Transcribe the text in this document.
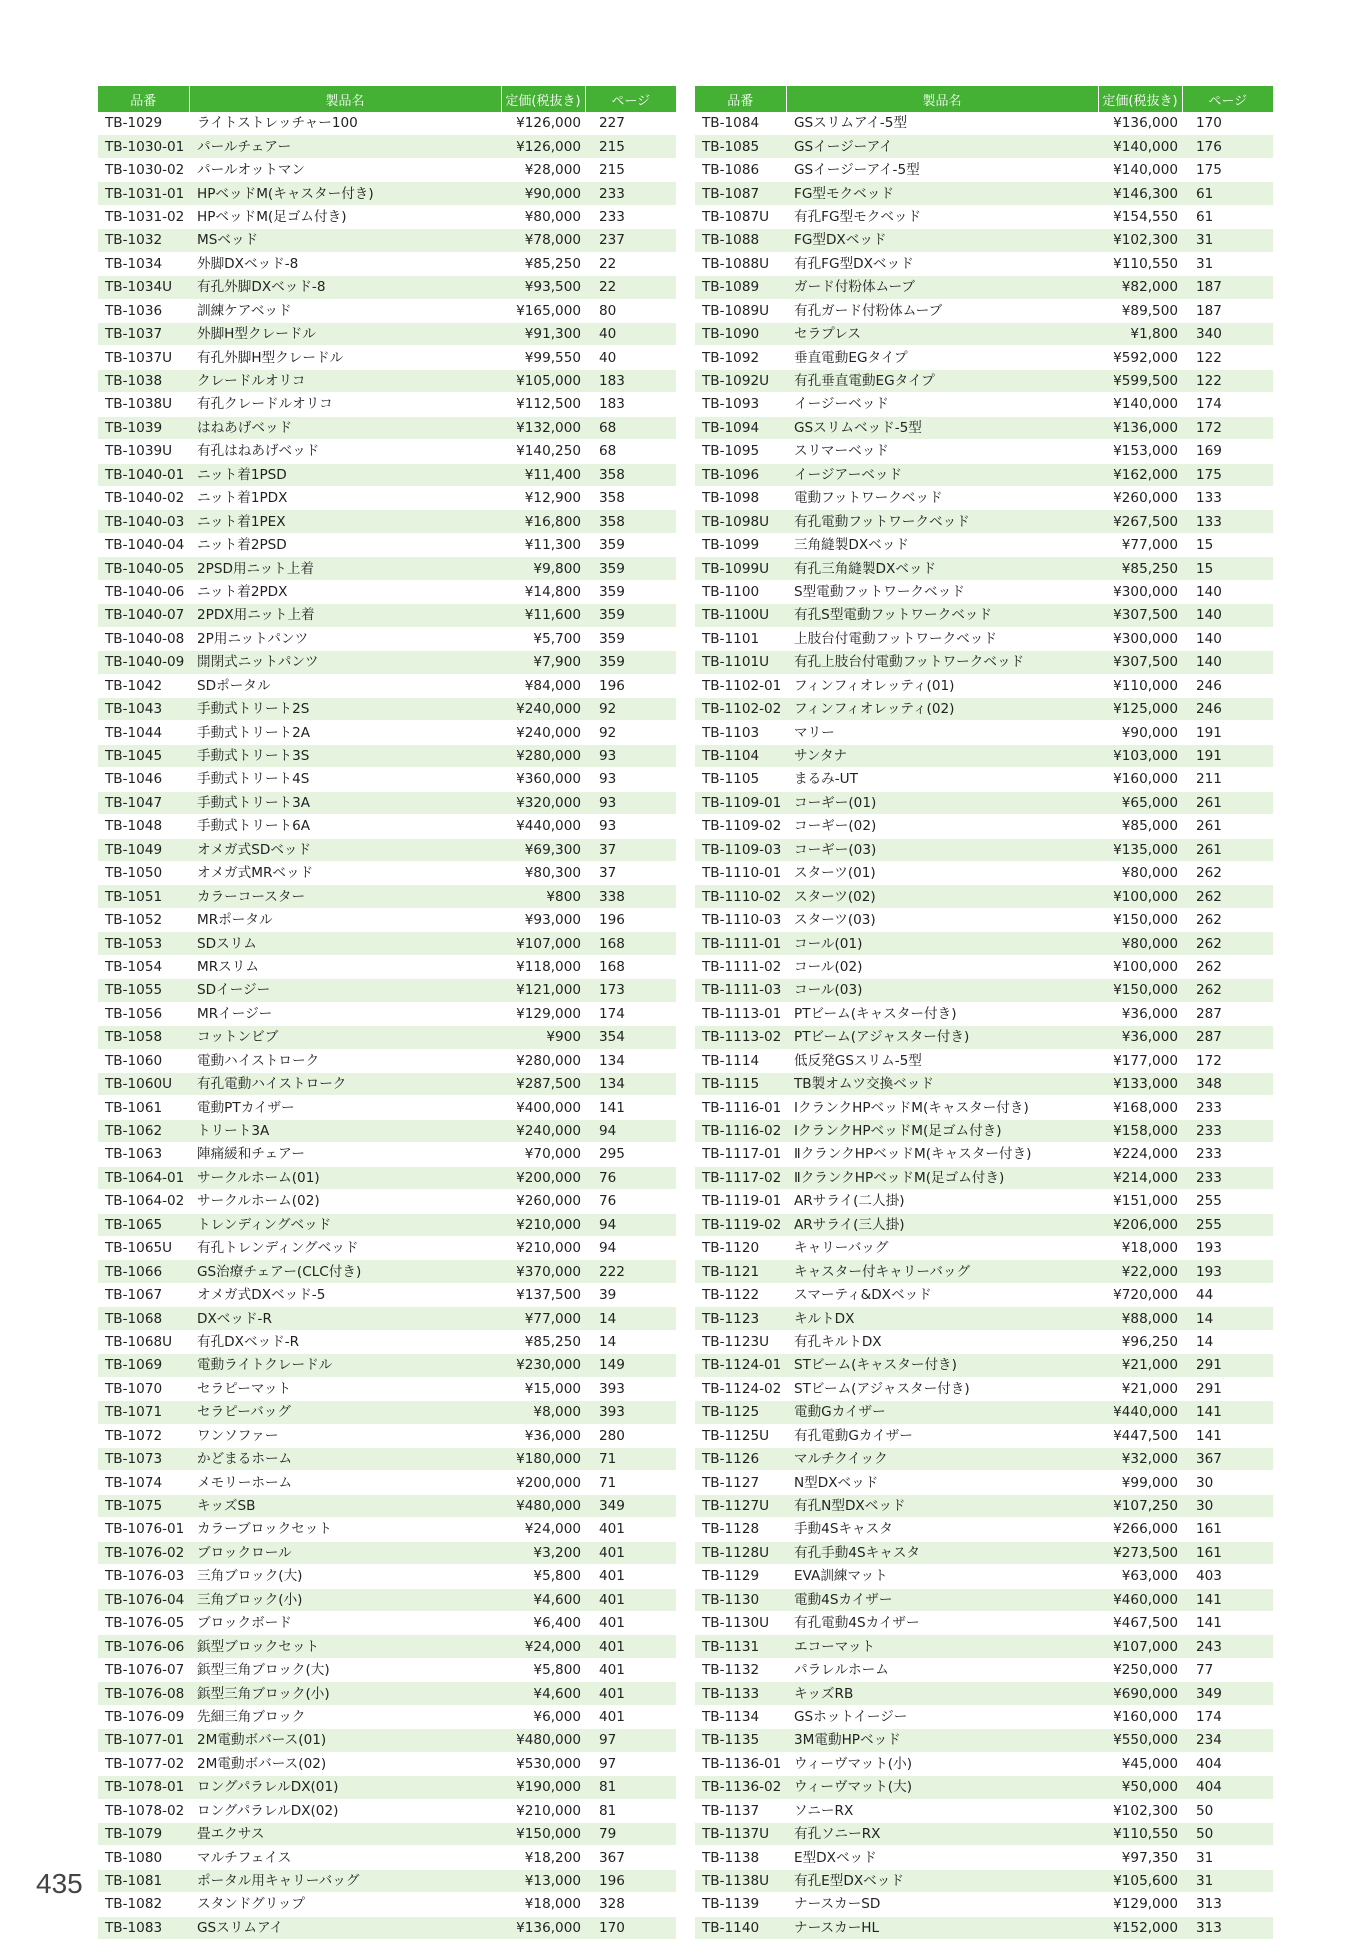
品番	製品名	定価(税抜き)	ページ
TB-1029	ライトストレッチャー100	¥126,000	227
TB-1030-01	パールチェアー	¥126,000	215
TB-1030-02	パールオットマン	¥28,000	215
TB-1031-01	HPベッドM(キャスター付き)	¥90,000	233
TB-1031-02	HPベッドM(足ゴム付き)	¥80,000	233
TB-1032	MSベッド	¥78,000	237
TB-1034	外脚DXベッド-8	¥85,250	22
TB-1034U	有孔外脚DXベッド-8	¥93,500	22
TB-1036	訓練ケアベッド	¥165,000	80
TB-1037	外脚H型クレードル	¥91,300	40
TB-1037U	有孔外脚H型クレードル	¥99,550	40
TB-1038	クレードルオリコ	¥105,000	183
TB-1038U	有孔クレードルオリコ	¥112,500	183
TB-1039	はねあげベッド	¥132,000	68
TB-1039U	有孔はねあげベッド	¥140,250	68
TB-1040-01	ニット着1PSD	¥11,400	358
TB-1040-02	ニット着1PDX	¥12,900	358
TB-1040-03	ニット着1PEX	¥16,800	358
TB-1040-04	ニット着2PSD	¥11,300	359
TB-1040-05	2PSD用ニット上着	¥9,800	359
TB-1040-06	ニット着2PDX	¥14,800	359
TB-1040-07	2PDX用ニット上着	¥11,600	359
TB-1040-08	2P用ニットパンツ	¥5,700	359
TB-1040-09	開閉式ニットパンツ	¥7,900	359
TB-1042	SDポータル	¥84,000	196
TB-1043	手動式トリート2S	¥240,000	92
TB-1044	手動式トリート2A	¥240,000	92
TB-1045	手動式トリート3S	¥280,000	93
TB-1046	手動式トリート4S	¥360,000	93
TB-1047	手動式トリート3A	¥320,000	93
TB-1048	手動式トリート6A	¥440,000	93
TB-1049	オメガ式SDベッド	¥69,300	37
TB-1050	オメガ式MRベッド	¥80,300	37
TB-1051	カラーコースター	¥800	338
TB-1052	MRポータル	¥93,000	196
TB-1053	SDスリム	¥107,000	168
TB-1054	MRスリム	¥118,000	168
TB-1055	SDイージー	¥121,000	173
TB-1056	MRイージー	¥129,000	174
TB-1058	コットンビブ	¥900	354
TB-1060	電動ハイストローク	¥280,000	134
TB-1060U	有孔電動ハイストローク	¥287,500	134
TB-1061	電動PTカイザー	¥400,000	141
TB-1062	トリート3A	¥240,000	94
TB-1063	陣痛緩和チェアー	¥70,000	295
TB-1064-01	サークルホーム(01)	¥200,000	76
TB-1064-02	サークルホーム(02)	¥260,000	76
TB-1065	トレンディングベッド	¥210,000	94
TB-1065U	有孔トレンディングベッド	¥210,000	94
TB-1066	GS治療チェアー(CLC付き)	¥370,000	222
TB-1067	オメガ式DXベッド-5	¥137,500	39
TB-1068	DXベッド-R	¥77,000	14
TB-1068U	有孔DXベッド-R	¥85,250	14
TB-1069	電動ライトクレードル	¥230,000	149
TB-1070	セラピーマット	¥15,000	393
TB-1071	セラピーバッグ	¥8,000	393
TB-1072	ワンソファー	¥36,000	280
TB-1073	かどまるホーム	¥180,000	71
TB-1074	メモリーホーム	¥200,000	71
TB-1075	キッズSB	¥480,000	349
TB-1076-01	カラーブロックセット	¥24,000	401
TB-1076-02	ブロックロール	¥3,200	401
TB-1076-03	三角ブロック(大)	¥5,800	401
TB-1076-04	三角ブロック(小)	¥4,600	401
TB-1076-05	ブロックボード	¥6,400	401
TB-1076-06	鋲型ブロックセット	¥24,000	401
TB-1076-07	鋲型三角ブロック(大)	¥5,800	401
TB-1076-08	鋲型三角ブロック(小)	¥4,600	401
TB-1076-09	先細三角ブロック	¥6,000	401
TB-1077-01	2M電動ボバース(01)	¥480,000	97
TB-1077-02	2M電動ボバース(02)	¥530,000	97
TB-1078-01	ロングパラレルDX(01)	¥190,000	81
TB-1078-02	ロングパラレルDX(02)	¥210,000	81
TB-1079	畳エクサス	¥150,000	79
TB-1080	マルチフェイス	¥18,200	367
TB-1081	ポータル用キャリーバッグ	¥13,000	196
TB-1082	スタンドグリップ	¥18,000	328
TB-1083	GSスリムアイ	¥136,000	170
品番	製品名	定価(税抜き)	ページ
TB-1084	GSスリムアイ-5型	¥136,000	170
TB-1085	GSイージーアイ	¥140,000	176
TB-1086	GSイージーアイ-5型	¥140,000	175
TB-1087	FG型モクベッド	¥146,300	61
TB-1087U	有孔FG型モクベッド	¥154,550	61
TB-1088	FG型DXベッド	¥102,300	31
TB-1088U	有孔FG型DXベッド	¥110,550	31
TB-1089	ガード付粉体ムーブ	¥82,000	187
TB-1089U	有孔ガード付粉体ムーブ	¥89,500	187
TB-1090	セラプレス	¥1,800	340
TB-1092	垂直電動EGタイプ	¥592,000	122
TB-1092U	有孔垂直電動EGタイプ	¥599,500	122
TB-1093	イージーベッド	¥140,000	174
TB-1094	GSスリムベッド-5型	¥136,000	172
TB-1095	スリマーベッド	¥153,000	169
TB-1096	イージアーベッド	¥162,000	175
TB-1098	電動フットワークベッド	¥260,000	133
TB-1098U	有孔電動フットワークベッド	¥267,500	133
TB-1099	三角縫製DXベッド	¥77,000	15
TB-1099U	有孔三角縫製DXベッド	¥85,250	15
TB-1100	S型電動フットワークベッド	¥300,000	140
TB-1100U	有孔S型電動フットワークベッド	¥307,500	140
TB-1101	上肢台付電動フットワークベッド	¥300,000	140
TB-1101U	有孔上肢台付電動フットワークベッド	¥307,500	140
TB-1102-01	フィンフィオレッティ(01)	¥110,000	246
TB-1102-02	フィンフィオレッティ(02)	¥125,000	246
TB-1103	マリー	¥90,000	191
TB-1104	サンタナ	¥103,000	191
TB-1105	まるみ-UT	¥160,000	211
TB-1109-01	コーギー(01)	¥65,000	261
TB-1109-02	コーギー(02)	¥85,000	261
TB-1109-03	コーギー(03)	¥135,000	261
TB-1110-01	スターツ(01)	¥80,000	262
TB-1110-02	スターツ(02)	¥100,000	262
TB-1110-03	スターツ(03)	¥150,000	262
TB-1111-01	コール(01)	¥80,000	262
TB-1111-02	コール(02)	¥100,000	262
TB-1111-03	コール(03)	¥150,000	262
TB-1113-01	PTビーム(キャスター付き)	¥36,000	287
TB-1113-02	PTビーム(アジャスター付き)	¥36,000	287
TB-1114	低反発GSスリム-5型	¥177,000	172
TB-1115	TB製オムツ交換ベッド	¥133,000	348
TB-1116-01	ⅠクランクHPベッドM(キャスター付き)	¥168,000	233
TB-1116-02	ⅠクランクHPベッドM(足ゴム付き)	¥158,000	233
TB-1117-01	ⅡクランクHPベッドM(キャスター付き)	¥224,000	233
TB-1117-02	ⅡクランクHPベッドM(足ゴム付き)	¥214,000	233
TB-1119-01	ARサライ(二人掛)	¥151,000	255
TB-1119-02	ARサライ(三人掛)	¥206,000	255
TB-1120	キャリーバッグ	¥18,000	193
TB-1121	キャスター付キャリーバッグ	¥22,000	193
TB-1122	スマーティ&DXベッド	¥720,000	44
TB-1123	キルトDX	¥88,000	14
TB-1123U	有孔キルトDX	¥96,250	14
TB-1124-01	STビーム(キャスター付き)	¥21,000	291
TB-1124-02	STビーム(アジャスター付き)	¥21,000	291
TB-1125	電動Gカイザー	¥440,000	141
TB-1125U	有孔電動Gカイザー	¥447,500	141
TB-1126	マルチクイック	¥32,000	367
TB-1127	N型DXベッド	¥99,000	30
TB-1127U	有孔N型DXベッド	¥107,250	30
TB-1128	手動4Sキャスタ	¥266,000	161
TB-1128U	有孔手動4Sキャスタ	¥273,500	161
TB-1129	EVA訓練マット	¥63,000	403
TB-1130	電動4Sカイザー	¥460,000	141
TB-1130U	有孔電動4Sカイザー	¥467,500	141
TB-1131	エコーマット	¥107,000	243
TB-1132	パラレルホーム	¥250,000	77
TB-1133	キッズRB	¥690,000	349
TB-1134	GSホットイージー	¥160,000	174
TB-1135	3M電動HPベッド	¥550,000	234
TB-1136-01	ウィーヴマット(小)	¥45,000	404
TB-1136-02	ウィーヴマット(大)	¥50,000	404
TB-1137	ソニーRX	¥102,300	50
TB-1137U	有孔ソニーRX	¥110,550	50
TB-1138	E型DXベッド	¥97,350	31
TB-1138U	有孔E型DXベッド	¥105,600	31
TB-1139	ナースカーSD	¥129,000	313
TB-1140	ナースカーHL	¥152,000	313
435
